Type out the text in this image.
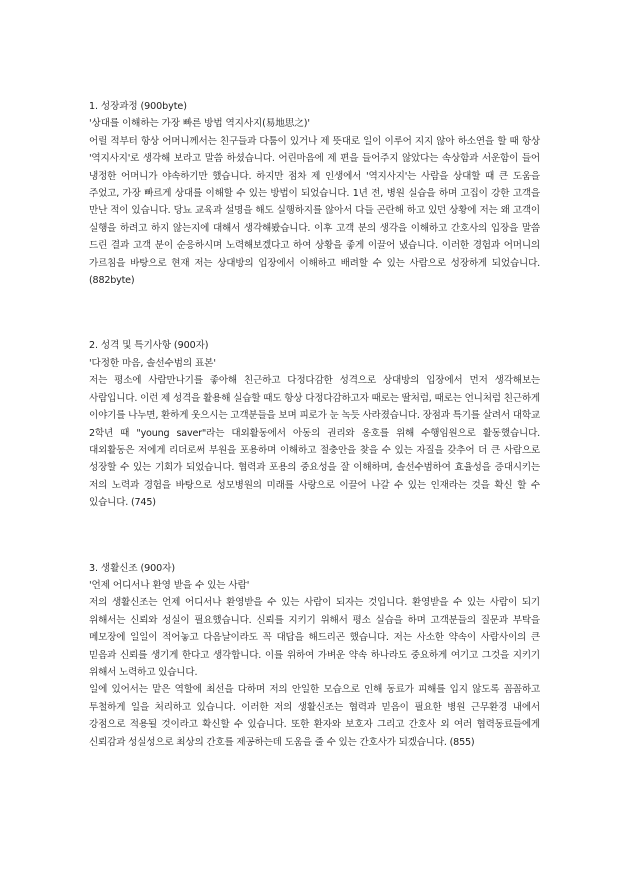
1. 성장과정 (900byte)

'상대를 이해하는 가장 빠른 방법 역지사지(易地思之)'

어릴 적부터 항상 어머니께서는 친구들과 다툼이 있거나 제 뜻대로 일이 이루어 지지 않아 하소연을 할 때 항상 '역지사지'로 생각해 보라고 말씀 하셨습니다. 어린마음에 제 편을 들어주지 않았다는 속상함과 서운함이 들어 냉정한 어머니가 야속하기만 했습니다. 하지만 점차 제 인생에서 '역지사지'는 사람을 상대할 때 큰 도움을 주었고, 가장 빠르게 상대를 이해할 수 있는 방법이 되었습니다. 1년 전, 병원 실습을 하며 고집이 강한 고객을 만난 적이 있습니다. 당뇨 교육과 설명을 해도 실행하지를 않아서 다들 곤란해 하고 있던 상황에 저는 왜 고객이 실행을 하려고 하지 않는지에 대해서 생각해봤습니다. 이후 고객 분의 생각을 이해하고 간호사의 입장을 말씀 드린 결과 고객 분이 순응하시며 노력해보겠다고 하여 상황을 좋게 이끌어 냈습니다. 이러한 경험과 어머니의 가르침을 바탕으로 현재 저는 상대방의 입장에서 이해하고 배려할 수 있는 사람으로 성장하게 되었습니다. (882byte)

2. 성격 및 특기사항 (900자)

'다정한 마음, 솔선수범의 표본'

저는 평소에 사람만나기를 좋아해 친근하고 다정다감한 성격으로 상대방의 입장에서 먼저 생각해보는 사람입니다. 이런 제 성격을 활용해 실습할 때도 항상 다정다감하고자 때로는 딸처럼, 때로는 언니처럼 친근하게 이야기를 나누면, 환하게 웃으시는 고객분들을 보며 피로가 눈 녹듯 사라졌습니다. 장점과 특기를 살려서 대학교 2학년 때 "young saver"라는 대외활동에서 아동의 권리와 옹호를 위해 수행임원으로 활동했습니다. 대외활동은 저에게 리더로써 부원을 포용하며 이해하고 절충안을 찾을 수 있는 자질을 갖추어 더 큰 사람으로 성장할 수 있는 기회가 되었습니다. 협력과 포용의 중요성을 잘 이해하며, 솔선수범하여 효율성을 증대시키는 저의 노력과 경험을 바탕으로 성모병원의 미래를 사랑으로 이끌어 나갈 수 있는 인재라는 것을 확신 할 수 있습니다. (745)

3. 생활신조 (900자)

'언제 어디서나 환영 받을 수 있는 사람'

저의 생활신조는 언제 어디서나 환영받을 수 있는 사람이 되자는 것입니다. 환영받을 수 있는 사람이 되기 위해서는 신뢰와 성실이 필요했습니다. 신뢰를 지키기 위해서 평소 실습을 하며 고객분들의 질문과 부탁을 메모장에 일일이 적어놓고 다음날이라도 꼭 대답을 해드리곤 했습니다. 저는 사소한 약속이 사람사이의 큰 믿음과 신뢰를 생기게 한다고 생각합니다. 이를 위하여 가벼운 약속 하나라도 중요하게 여기고 그것을 지키기 위해서 노력하고 있습니다.

일에 있어서는 맡은 역할에 최선을 다하며 저의 안일한 모습으로 인해 동료가 피해를 입지 않도록 꼼꼼하고 투철하게 일을 처리하고 있습니다. 이러한 저의 생활신조는 협력과 믿음이 필요한 병원 근무환경 내에서 강점으로 적용될 것이라고 확신할 수 있습니다. 또한 환자와 보호자 그리고 간호사 외 여러 협력동료들에게 신뢰감과 성실성으로 최상의 간호를 제공하는데 도움을 줄 수 있는 간호사가 되겠습니다. (855)
